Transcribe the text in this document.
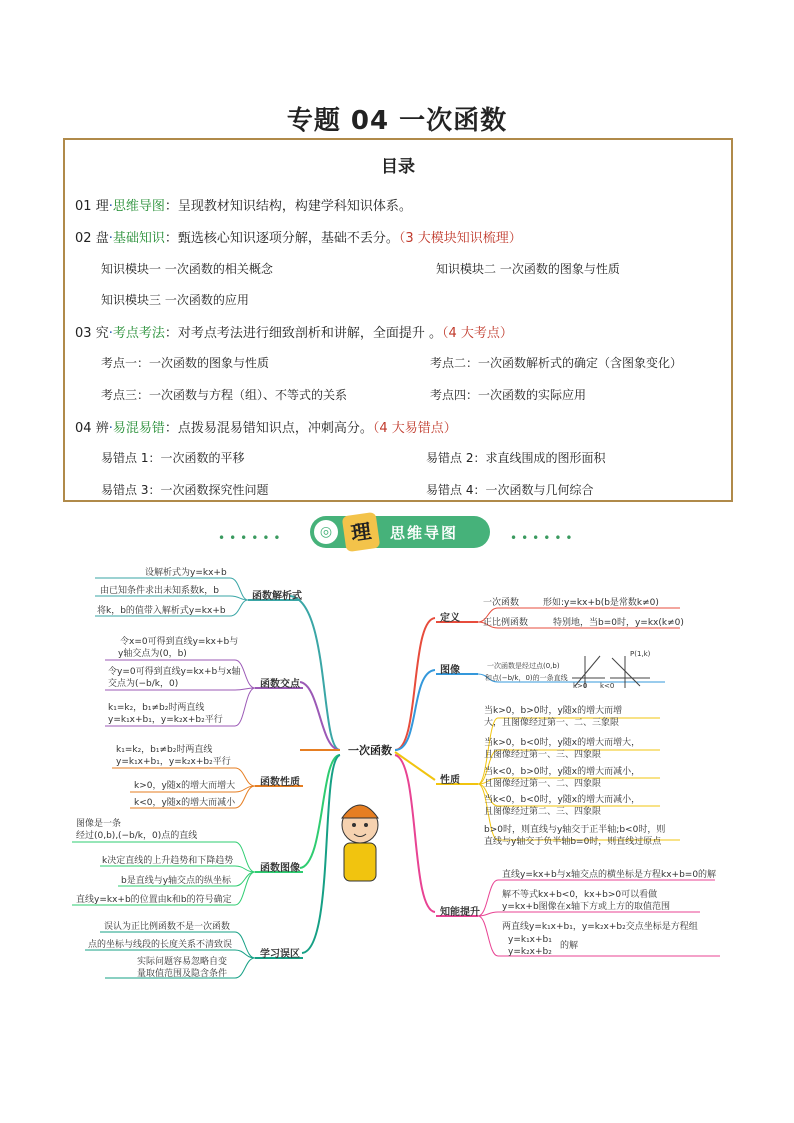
专题 04 一次函数
目录
01 理·思维导图：呈现教材知识结构，构建学科知识体系。
02 盘·基础知识：甄选核心知识逐项分解，基础不丢分。（3 大模块知识梳理）
知识模块一 一次函数的相关概念	知识模块二 一次函数的图象与性质
知识模块三 一次函数的应用
03 究·考点考法：对考点考法进行细致剖析和讲解，全面提升 。（4 大考点）
考点一：一次函数的图象与性质	考点二：一次函数解析式的确定（含图象变化）
考点三：一次函数与方程（组）、不等式的关系	考点四：一次函数的实际应用
04 辨·易混易错：点拨易混易错知识点，冲刺高分。（4 大易错点）
易错点 1：一次函数的平移	易错点 2：求直线围成的图形面积
易错点 3：一次函数探究性问题	易错点 4：一次函数与几何综合
••••••	◎ 理	思维导图	••••••
一次函数
函数解析式
设解析式为y=kx+b
由已知条件求出未知系数k，b
将k，b的值带入解析式y=kx+b
函数交点
令x=0可得到直线y=kx+b与
y轴交点为(0，b)
令y=0可得到直线y=kx+b与x轴
交点为(−b/k，0)
k₁=k₂，b₁≠b₂时两直线
y=k₁x+b₁，y=k₂x+b₂平行
函数性质
k₁=k₂，b₁≠b₂时两直线
y=k₁x+b₁，y=k₂x+b₂平行
k>0，y随x的增大而增大
k<0，y随x的增大而减小
函数图像
图像是一条
经过(0,b), (−b/k，0)点的直线
k决定直线的上升趋势和下降趋势
b是直线与y轴交点的纵坐标
直线y=kx+b的位置由k和b的符号确定
学习误区
误认为正比例函数不是一次函数
点的坐标与线段的长度关系不清致误
实际问题容易忽略自变
量取值范围及隐含条件
定义
一次函数	形如:y=kx+b(b是常数k≠0)
正比例函数	特别地，当b=0时，y=kx(k≠0)
图像	一次函数是经过点(0,b)
和点(−b/k，0)的一条直线
k>0 k<0
P(1,k)
性质
当k>0，b>0时，y随x的增大而增
大，且图像经过第一、二、三象限
当k>0，b<0时，y随x的增大而增大，
且图像经过第一、三、四象限
当k<0，b>0时，y随x的增大而减小，
且图像经过第一、二、四象限
当k<0，b<0时，y随x的增大而减小，
且图像经过第二、三、四象限
b>0时，则直线与y轴交于正半轴;b<0时，则
直线与y轴交于负半轴b=0时，则直线过原点
知能提升
直线y=kx+b与x轴交点的横坐标是方程kx+b=0的解
解不等式kx+b<0，kx+b>0可以看做
y=kx+b图像在x轴下方或上方的取值范围
两直线y=k₁x+b₁，y=k₂x+b₂交点坐标是方程组
y=k₁x+b₁
y=k₂x+b₂
的解
